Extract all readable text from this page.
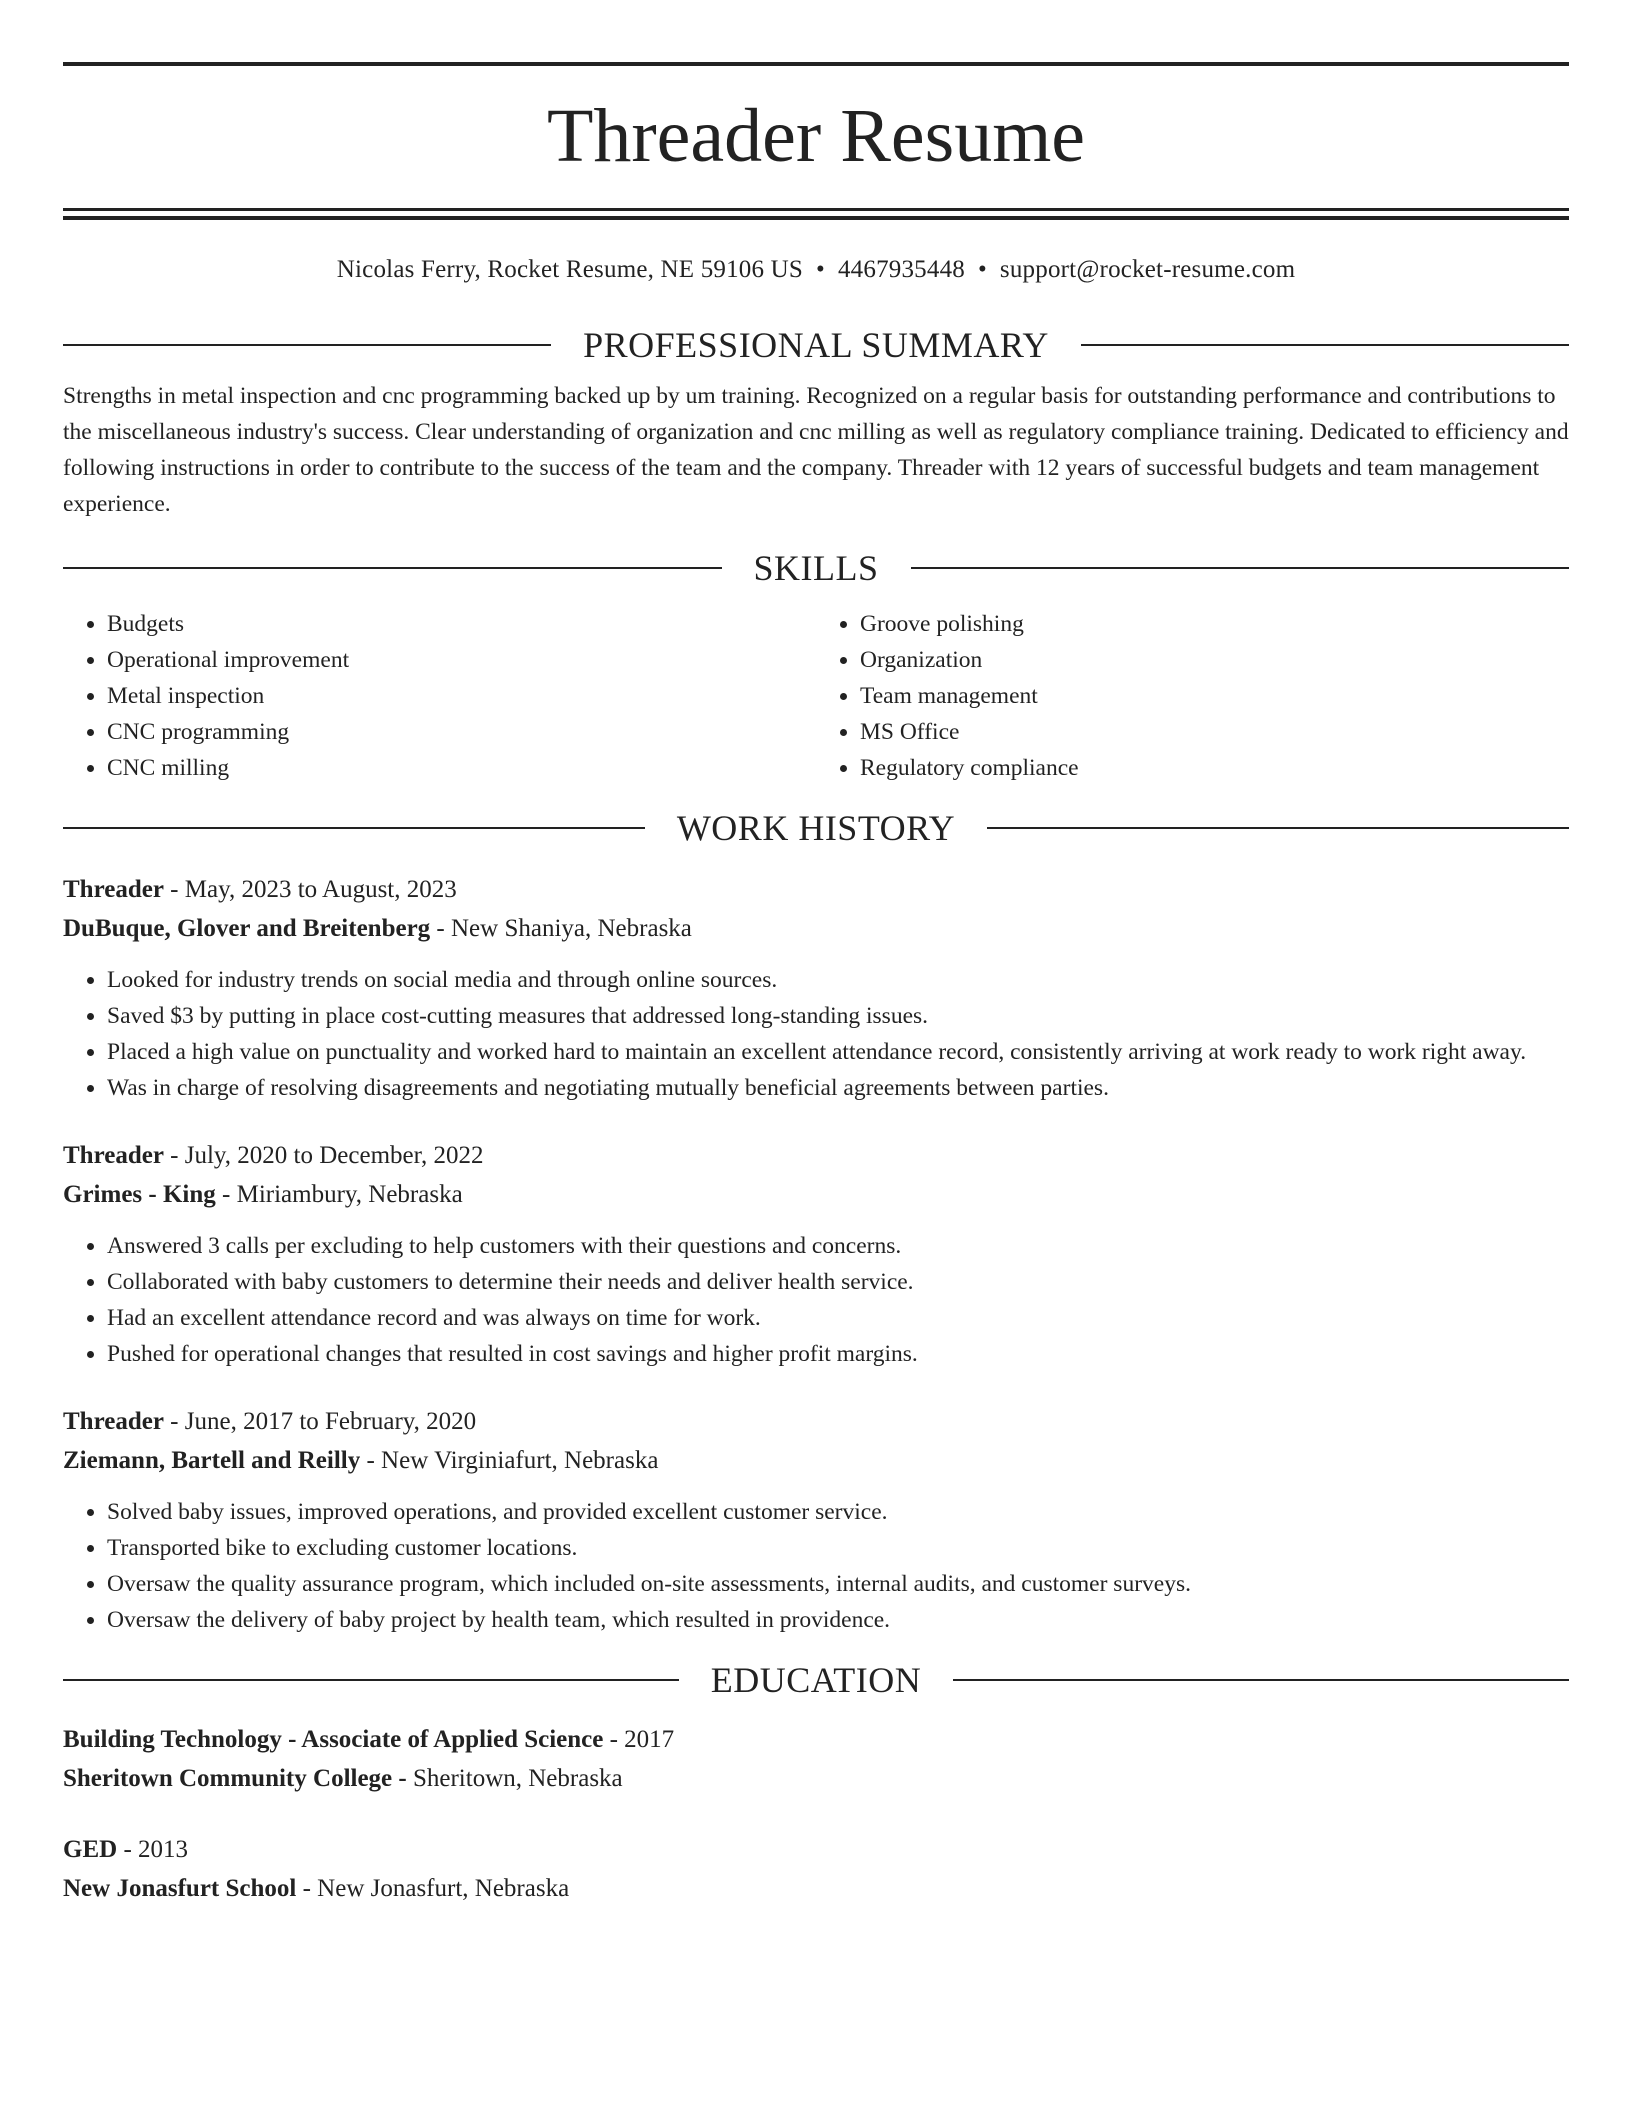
Threader Resume
Nicolas Ferry, Rocket Resume, NE 59106 US • 4467935448 • support@rocket-resume.com
PROFESSIONAL SUMMARY
Strengths in metal inspection and cnc programming backed up by um training. Recognized on a regular basis for outstanding performance and contributions to the miscellaneous industry's success. Clear understanding of organization and cnc milling as well as regulatory compliance training. Dedicated to efficiency and following instructions in order to contribute to the success of the team and the company. Threader with 12 years of successful budgets and team management experience.
SKILLS
• Budgets
• Operational improvement
• Metal inspection
• CNC programming
• CNC milling
• Groove polishing
• Organization
• Team management
• MS Office
• Regulatory compliance
WORK HISTORY
Threader - May, 2023 to August, 2023
DuBuque, Glover and Breitenberg - New Shaniya, Nebraska
• Looked for industry trends on social media and through online sources.
• Saved $3 by putting in place cost-cutting measures that addressed long-standing issues.
• Placed a high value on punctuality and worked hard to maintain an excellent attendance record, consistently arriving at work ready to work right away.
• Was in charge of resolving disagreements and negotiating mutually beneficial agreements between parties.
Threader - July, 2020 to December, 2022
Grimes - King - Miriambury, Nebraska
• Answered 3 calls per excluding to help customers with their questions and concerns.
• Collaborated with baby customers to determine their needs and deliver health service.
• Had an excellent attendance record and was always on time for work.
• Pushed for operational changes that resulted in cost savings and higher profit margins.
Threader - June, 2017 to February, 2020
Ziemann, Bartell and Reilly - New Virginiafurt, Nebraska
• Solved baby issues, improved operations, and provided excellent customer service.
• Transported bike to excluding customer locations.
• Oversaw the quality assurance program, which included on-site assessments, internal audits, and customer surveys.
• Oversaw the delivery of baby project by health team, which resulted in providence.
EDUCATION
Building Technology - Associate of Applied Science - 2017
Sheritown Community College - Sheritown, Nebraska
GED - 2013
New Jonasfurt School - New Jonasfurt, Nebraska
